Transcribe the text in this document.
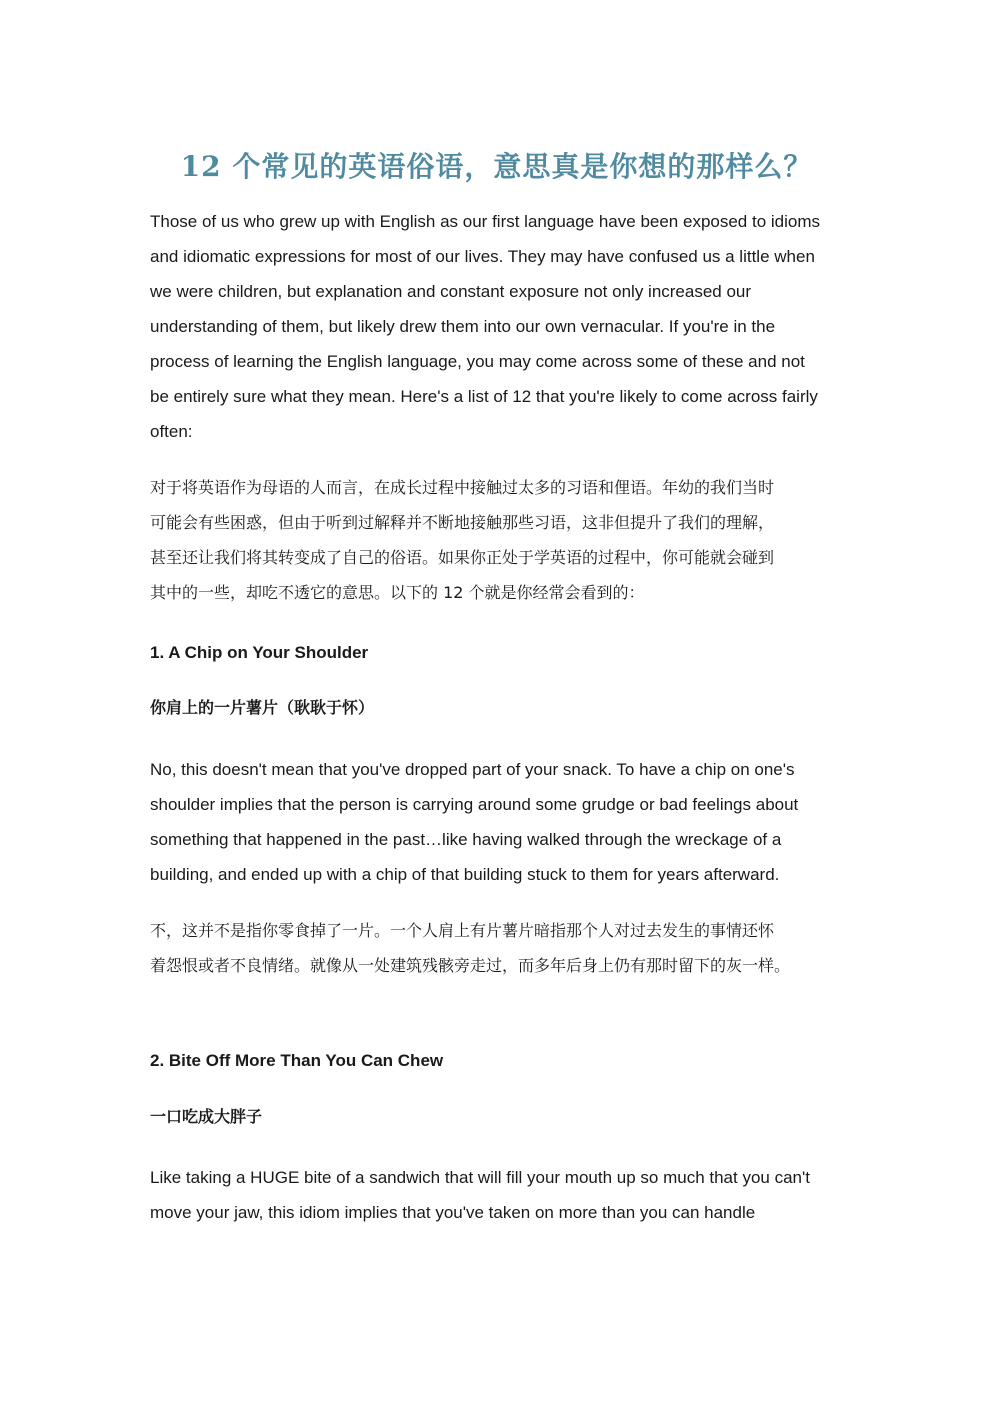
12 个常见的英语俗语，意思真是你想的那样么？

Those of us who grew up with English as our first language have been exposed to idioms
and idiomatic expressions for most of our lives. They may have confused us a little when
we were children, but explanation and constant exposure not only increased our
understanding of them, but likely drew them into our own vernacular. If you're in the
process of learning the English language, you may come across some of these and not
be entirely sure what they mean. Here's a list of 12 that you're likely to come across fairly
often:

对于将英语作为母语的人而言，在成长过程中接触过太多的习语和俚语。年幼的我们当时
可能会有些困惑，但由于听到过解释并不断地接触那些习语，这非但提升了我们的理解，
甚至还让我们将其转变成了自己的俗语。如果你正处于学英语的过程中，你可能就会碰到
其中的一些，却吃不透它的意思。以下的 12 个就是你经常会看到的：

1. A Chip on Your Shoulder
你肩上的一片薯片（耿耿于怀）

No, this doesn't mean that you've dropped part of your snack. To have a chip on one's
shoulder implies that the person is carrying around some grudge or bad feelings about
something that happened in the past…like having walked through the wreckage of a
building, and ended up with a chip of that building stuck to them for years afterward.

不，这并不是指你零食掉了一片。一个人肩上有片薯片暗指那个人对过去发生的事情还怀
着怨恨或者不良情绪。就像从一处建筑残骸旁走过，而多年后身上仍有那时留下的灰一样。

2. Bite Off More Than You Can Chew
一口吃成大胖子

Like taking a HUGE bite of a sandwich that will fill your mouth up so much that you can't
move your jaw, this idiom implies that you've taken on more than you can handle
